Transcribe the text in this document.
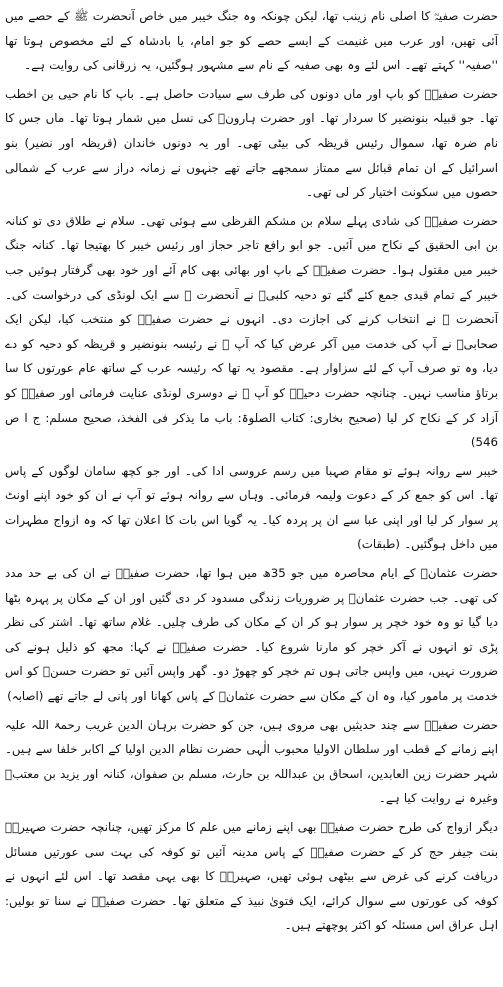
حضرت صفیہؓ کا اصلی نام زینب تھا، لیکن چونکہ وہ جنگ خیبر میں خاص آنحضرت ﷺ کے حصے میں آئی تھیں، اور عرب میں غنیمت کے ایسے حصے کو جو امام، یا بادشاہ کے لئے مخصوص ہوتا تھا ''صفیہ'' کہتے تھے۔ اس لئے وہ بھی صفیہ کے نام سے مشہور ہوگئیں، یہ زرقانی کی روایت ہے۔

حضرت صفیہؓ کو باپ اور ماں دونوں کی طرف سے سیادت حاصل ہے۔ باپ کا نام حیی بن اخطب تھا۔ جو قبیلہ بنونضیر کا سردار تھا۔ اور حضرت ہارونؑ کی نسل میں شمار ہوتا تھا۔ ماں جس کا نام ضرہ تھا، سموال رئیس قریظہ کی بیٹی تھی۔ اور یہ دونوں خاندان (قریظہ اور نضیر) بنو اسرائیل کے ان تمام قبائل سے ممتاز سمجھے جاتے تھے جنہوں نے زمانہ دراز سے عرب کے شمالی حصوں میں سکونت اختیار کر لی تھی۔

حضرت صفیہؓ کی شادی پہلے سلام بن مشکم القرظی سے ہوئی تھی۔ سلام نے طلاق دی تو کنانہ بن ابی الحقیق کے نکاح میں آئیں۔ جو ابو رافع تاجر حجاز اور رئیس خیبر کا بھتیجا تھا۔ کنانہ جنگ خیبر میں مقتول ہوا۔ حضرت صفیہؓ کے باپ اور بھائی بھی کام آئے اور خود بھی گرفتار ہوئیں جب خیبر کے تمام قیدی جمع کئے گئے تو دحیہ کلبیؓ نے آنحضرت ﷺ سے ایک لونڈی کی درخواست کی۔ آنحضرت ﷺ نے انتخاب کرنے کی اجازت دی۔ انہوں نے حضرت صفیہؓ کو منتخب کیا، لیکن ایک صحابیؓ نے آپ کی خدمت میں آکر عرض کیا کہ آپ ﷺ نے رئیسہ بنونضیر و قریظہ کو دحیہ کو دے دیا، وہ تو صرف آپ کے لئے سزاوار ہے۔ مقصود یہ تھا کہ رئیسہ عرب کے ساتھ عام عورتوں کا سا برتاؤ مناسب نہیں۔ چنانچہ حضرت دحیہؓ کو آپ ﷺ نے دوسری لونڈی عنایت فرمائی اور صفیہؓ کو آزاد کر کے نکاح کر لیا (صحیح بخاری: کتاب الصلوۃ: باب ما یذکر فی الفخذ، صحیح مسلم: ج ا ص 546)

خیبر سے روانہ ہوئے تو مقام صہبا میں رسم عروسی ادا کی۔ اور جو کچھ سامان لوگوں کے پاس تھا۔ اس کو جمع کر کے دعوت ولیمہ فرمائی۔ وہاں سے روانہ ہوئے تو آپ نے ان کو خود اپنے اونٹ پر سوار کر لیا اور اپنی عبا سے ان پر پردہ کیا۔ یہ گویا اس بات کا اعلان تھا کہ وہ ازواج مطہرات میں داخل ہوگئیں۔ (طبقات)

حضرت عثمانؓ کے ایام محاصرہ میں جو 35ھ میں ہوا تھا، حضرت صفیہؓ نے ان کی بے حد مدد کی تھی۔ جب حضرت عثمانؓ پر ضروریات زندگی مسدود کر دی گئیں اور ان کے مکان پر پہرہ بٹھا دیا گیا تو وہ خود خچر پر سوار ہو کر ان کے مکان کی طرف چلیں۔ غلام ساتھ تھا۔ اشتر کی نظر پڑی تو انہوں نے آکر خچر کو مارنا شروع کیا۔ حضرت صفیہؓ نے کہا: مجھ کو ذلیل ہونے کی ضرورت نہیں، میں واپس جاتی ہوں تم خچر کو چھوڑ دو۔ گھر واپس آئیں تو حضرت حسنؓ کو اس خدمت پر مامور کیا، وہ ان کے مکان سے حضرت عثمانؓ کے پاس کھانا اور پانی لے جاتے تھے (اصابہ)

حضرت صفیہؓ سے چند حدیثیں بھی مروی ہیں، جن کو حضرت برہان الدین غریب رحمۃ اللہ علیہ اپنے زمانے کے قطب اور سلطان الاولیا محبوب الٰہی حضرت نظام الدین اولیا کے اکابر خلفا سے ہیں۔ شہر حضرت زین العابدین، اسحاق بن عبداللہ بن حارث، مسلم بن صفوان، کنانہ اور یزید بن معتبؓ وغیرہ نے روایت کیا ہے۔

دیگر ازواج کی طرح حضرت صفیہؓ بھی اپنے زمانے میں علم کا مرکز تھیں، چنانچہ حضرت صہیرہؓ بنت جیفر حج کر کے حضرت صفیہؓ کے پاس مدینہ آئیں تو کوفہ کی بہت سی عورتیں مسائل دریافت کرنے کی غرض سے بیٹھی ہوئی تھیں، صہیرہؓ کا بھی یہی مقصد تھا۔ اس لئے انہوں نے کوفہ کی عورتوں سے سوال کرائے، ایک فتویٰ نبیذ کے متعلق تھا۔ حضرت صفیہؓ نے سنا تو بولیں: اہل عراق اس مسئلہ کو اکثر پوچھتے ہیں۔
